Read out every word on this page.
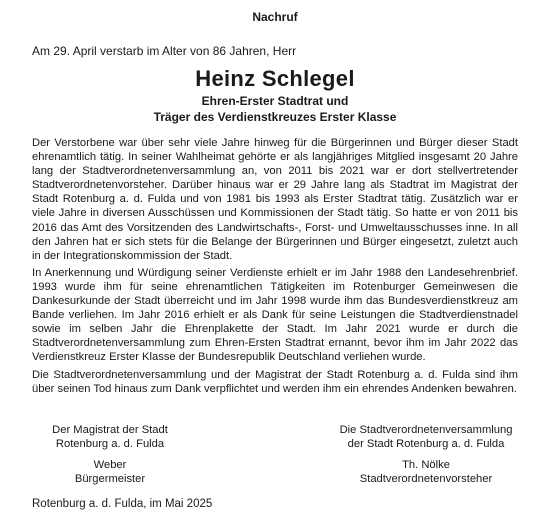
Nachruf
Am 29. April verstarb im Alter von 86 Jahren, Herr
Heinz Schlegel
Ehren-Erster Stadtrat und
Träger des Verdienstkreuzes Erster Klasse

Der Verstorbene war über sehr viele Jahre hinweg für die Bürgerinnen und Bürger dieser Stadt ehrenamtlich tätig. In seiner Wahlheimat gehörte er als langjähriges Mitglied insgesamt 20 Jahre lang der Stadtverordnetenversammlung an, von 2011 bis 2021 war er dort stellvertretender Stadtverordnetenvorsteher. Darüber hinaus war er 29 Jahre lang als Stadtrat im Magistrat der Stadt Rotenburg a. d. Fulda und von 1981 bis 1993 als Erster Stadtrat tätig. Zusätzlich war er viele Jahre in diversen Ausschüssen und Kommissionen der Stadt tätig. So hatte er von 2011 bis 2016 das Amt des Vorsitzenden des Landwirtschafts-, Forst- und Umweltausschusses inne. In all den Jahren hat er sich stets für die Belange der Bürgerinnen und Bürger eingesetzt, zuletzt auch in der Integrationskommission der Stadt.

In Anerkennung und Würdigung seiner Verdienste erhielt er im Jahr 1988 den Landesehrenbrief. 1993 wurde ihm für seine ehrenamtlichen Tätigkeiten im Rotenburger Gemeinwesen die Dankesurkunde der Stadt überreicht und im Jahr 1998 wurde ihm das Bundesverdienstkreuz am Bande verliehen. Im Jahr 2016 erhielt er als Dank für seine Leistungen die Stadtverdienstnadel sowie im selben Jahr die Ehrenplakette der Stadt. Im Jahr 2021 wurde er durch die Stadtverordnetenversammlung zum Ehren-Ersten Stadtrat ernannt, bevor ihm im Jahr 2022 das Verdienstkreuz Erster Klasse der Bundesrepublik Deutschland verliehen wurde.

Die Stadtverordnetenversammlung und der Magistrat der Stadt Rotenburg a. d. Fulda sind ihm über seinen Tod hinaus zum Dank verpflichtet und werden ihm ein ehrendes Andenken bewahren.

Der Magistrat der Stadt
Rotenburg a. d. Fulda
Weber
Bürgermeister
Die Stadtverordnetenversammlung
der Stadt Rotenburg a. d. Fulda
Th. Nölke
Stadtverordnetenvorsteher
Rotenburg a. d. Fulda, im Mai 2025
